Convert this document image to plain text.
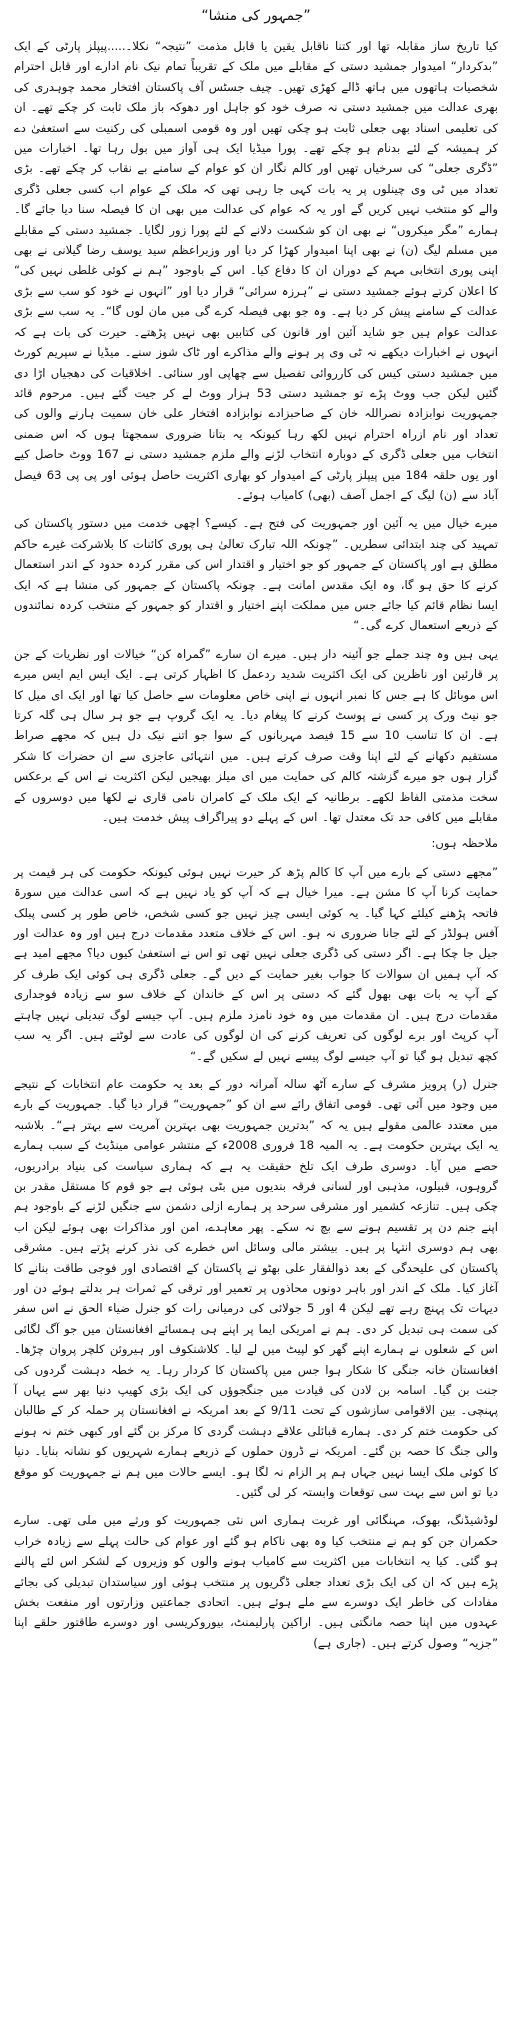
”جمہور کی منشا“

کیا تاریخ ساز مقابلہ تھا اور کتنا ناقابل یقین یا قابل مذمت ”نتیجہ“ نکلا۔.....پیپلز پارٹی کے ایک ”بدکردار“ امیدوار جمشید دستی کے مقابلے میں ملک کے تقریباً تمام نیک نام ادارے اور قابل احترام شخصیات ہاتھوں میں ہاتھ ڈالے کھڑی تھیں۔ چیف جسٹس آف پاکستان افتخار محمد چوہدری کی بھری عدالت میں جمشید دستی نہ صرف خود کو جاہل اور دھوکہ باز ملک ثابت کر چکے تھے۔ ان کی تعلیمی اسناد بھی جعلی ثابت ہو چکی تھیں اور وہ قومی اسمبلی کی رکنیت سے استعفیٰ دے کر ہمیشہ کے لئے بدنام ہو چکے تھے۔ پورا میڈیا ایک ہی آواز میں بول رہا تھا۔ اخبارات میں ”ڈگری جعلی“ کی سرخیاں تھیں اور کالم نگار ان کو عوام کے سامنے بے نقاب کر چکے تھے۔ بڑی تعداد میں ٹی وی چینلوں پر یہ بات کہی جا رہی تھی کہ ملک کے عوام اب کسی جعلی ڈگری والے کو منتخب نہیں کریں گے اور یہ کہ عوام کی عدالت میں بھی ان کا فیصلہ سنا دیا جائے گا۔ ہمارے ”مگر میکروں“ نے بھی ان کو شکست دلانے کے لئے پورا زور لگایا۔ جمشید دستی کے مقابلے میں مسلم لیگ (ن) نے بھی اپنا امیدوار کھڑا کر دیا اور وزیراعظم سید یوسف رضا گیلانی نے بھی اپنی پوری انتخابی مہم کے دوران ان کا دفاع کیا۔ اس کے باوجود ”ہم نے کوئی غلطی نہیں کی“ کا اعلان کرتے ہوئے جمشید دستی نے ”ہرزہ سرائی“ قرار دیا اور ”انہوں نے خود کو سب سے بڑی عدالت کے سامنے پیش کر دیا ہے۔ وہ جو بھی فیصلہ کرے گی میں مان لوں گا“۔ یہ سب سے بڑی عدالت عوام ہیں جو شاید آئین اور قانون کی کتابیں بھی نہیں پڑھتے۔ حیرت کی بات ہے کہ انہوں نے اخبارات دیکھے نہ ٹی وی پر ہونے والے مذاکرے اور ٹاک شوز سنے۔ میڈیا نے سپریم کورٹ میں جمشید دستی کیس کی کارروائی تفصیل سے چھاپی اور سنائی۔ اخلاقیات کی دھجیاں اڑا دی گئیں لیکن جب ووٹ پڑے تو جمشید دستی 53 ہزار ووٹ لے کر جیت گئے ہیں۔ مرحوم قائد جمہوریت نوابزادہ نصراللہ خان کے صاحبزادے نوابزادہ افتخار علی خان سمیت ہارنے والوں کی تعداد اور نام ازراہ احترام نہیں لکھ رہا کیونکہ یہ بتانا ضروری سمجھتا ہوں کہ اس ضمنی انتخاب میں جعلی ڈگری کے دوبارہ انتخاب لڑنے والے ملزم جمشید دستی نے 167 ووٹ حاصل کیے اور یوں حلقہ 184 میں پیپلز پارٹی کے امیدوار کو بھاری اکثریت حاصل ہوئی اور پی پی 63 فیصل آباد سے (ن) لیگ کے اجمل آصف (بھی) کامیاب ہوئے۔

میرے خیال میں یہ آئین اور جمہوریت کی فتح ہے۔ کیسے؟ اچھی خدمت میں دستور پاکستان کی تمہید کی چند ابتدائی سطریں۔ ”چونکہ اللہ تبارک تعالیٰ ہی پوری کائنات کا بلاشرکت غیرے حاکم مطلق ہے اور پاکستان کے جمہور کو جو اختیار و اقتدار اس کی مقرر کردہ حدود کے اندر استعمال کرنے کا حق ہو گا، وہ ایک مقدس امانت ہے۔ چونکہ پاکستان کے جمہور کی منشا ہے کہ ایک ایسا نظام قائم کیا جائے جس میں مملکت اپنے اختیار و اقتدار کو جمہور کے منتخب کردہ نمائندوں کے ذریعے استعمال کرے گی۔“

یہی ہیں وہ چند جملے جو آئینہ دار ہیں۔ میرے ان سارے ”گمراہ کن“ خیالات اور نظریات کے جن پر قارئین اور ناظرین کی ایک اکثریت شدید ردعمل کا اظہار کرتی ہے۔ ایک ایس ایم ایس میرے اس موبائل کا ہے جس کا نمبر انہوں نے اپنی خاص معلومات سے حاصل کیا تھا اور ایک ای میل کا جو نیٹ ورک پر کسی نے پوسٹ کرنے کا پیغام دیا۔ یہ ایک گروپ ہے جو ہر سال ہی گلہ کرتا ہے۔ ان کا تناسب 10 سے 15 فیصد مہربانوں کے سوا جو اتنے نیک دل ہیں کہ مجھے صراط مستقیم دکھانے کے لئے اپنا وقت صرف کرتے ہیں۔ میں انتہائی عاجزی سے ان حضرات کا شکر گزار ہوں جو میرے گزشتہ کالم کی حمایت میں ای میلز بھیجیں لیکن اکثریت نے اس کے برعکس سخت مذمتی الفاظ لکھے۔ برطانیہ کے ایک ملک کے کامران نامی قاری نے لکھا میں دوسروں کے مقابلے میں کافی حد تک معتدل تھا۔ اس کے پہلے دو پیراگراف پیش خدمت ہیں۔

ملاحظہ ہوں:

”مجھے دستی کے بارے میں آپ کا کالم پڑھ کر حیرت نہیں ہوئی کیونکہ حکومت کی ہر قیمت پر حمایت کرنا آپ کا مشن ہے۔ میرا خیال ہے کہ آپ کو یاد نہیں ہے کہ اسی عدالت میں سورۃ فاتحہ پڑھنے کیلئے کہا گیا۔ یہ کوئی ایسی چیز نہیں جو کسی شخص، خاص طور پر کسی پبلک آفس ہولڈر کے لئے جانا ضروری نہ ہو۔ اس کے خلاف متعدد مقدمات درج ہیں اور وہ عدالت اور جیل جا چکا ہے۔ اگر دستی کی ڈگری جعلی نہیں تھی تو اس نے استعفیٰ کیوں دیا؟ مجھے امید ہے کہ آپ ہمیں ان سوالات کا جواب بغیر حمایت کے دیں گے۔ جعلی ڈگری ہی کوئی ایک طرف کر کے آپ یہ بات بھی بھول گئے کہ دستی پر اس کے خاندان کے خلاف سو سے زیادہ فوجداری مقدمات درج ہیں۔ ان مقدمات میں وہ خود نامزد ملزم ہیں۔ آپ جیسے لوگ تبدیلی نہیں چاہتے آپ کرپٹ اور برے لوگوں کی تعریف کرنے کی ان لوگوں کی عادت سے لوٹتے ہیں۔ اگر یہ سب کچھ تبدیل ہو گیا تو آپ جیسے لوگ پیسے نہیں لے سکیں گے۔“

جنرل (ر) پرویز مشرف کے سارے آٹھ سالہ آمرانہ دور کے بعد یہ حکومت عام انتخابات کے نتیجے میں وجود میں آئی تھی۔ قومی اتفاق رائے سے ان کو ”جمہوریت“ قرار دیا گیا۔ جمہوریت کے بارے میں معتدد عالمی مقولے ہیں یہ کہ ”بدترین جمہوریت بھی بہترین آمریت سے بہتر ہے“۔ بلاشبہ یہ ایک بہترین حکومت ہے۔ یہ المیہ 18 فروری 2008ء کے منتشر عوامی مینڈیٹ کے سبب ہمارے حصے میں آیا۔ دوسری طرف ایک تلخ حقیقت یہ ہے کہ ہماری سیاست کی بنیاد برادریوں، گروہوں، قبیلوں، مذہبی اور لسانی فرقہ بندیوں میں بٹی ہوئی ہے جو قوم کا مستقل مقدر بن چکی ہیں۔ تنازعہ کشمیر اور مشرقی سرحد پر ہمارے ازلی دشمن سے جنگیں لڑنے کے باوجود ہم اپنے جنم دن پر تقسیم ہونے سے بچ نہ سکے۔ پھر معاہدے، امن اور مذاکرات بھی ہوئے لیکن اب بھی ہم دوسری انتہا پر ہیں۔ بیشتر مالی وسائل اس خطرے کی نذر کرنے پڑتے ہیں۔ مشرقی پاکستان کی علیحدگی کے بعد ذوالفقار علی بھٹو نے پاکستان کے اقتصادی اور فوجی طاقت بنانے کا آغاز کیا۔ ملک کے اندر اور باہر دونوں محاذوں پر تعمیر اور ترقی کے ثمرات ہر بدلتے ہوئے دن اور دیہات تک پہنچ رہے تھے لیکن 4 اور 5 جولائی کی درمیانی رات کو جنرل ضیاء الحق نے اس سفر کی سمت ہی تبدیل کر دی۔ ہم نے امریکی ایما پر اپنے ہی ہمسائے افغانستان میں جو آگ لگائی اس کے شعلوں نے ہمارے اپنے گھر کو لپیٹ میں لے لیا۔ کلاشنکوف اور ہیروئن کلچر پروان چڑھا۔ افغانستان خانہ جنگی کا شکار ہوا جس میں پاکستان کا کردار رہا۔ یہ خطہ دہشت گردوں کی جنت بن گیا۔ اسامہ بن لادن کی قیادت میں جنگجوؤں کی ایک بڑی کھیپ دنیا بھر سے یہاں آ پہنچی۔ بین الاقوامی سازشوں کے تحت 9/11 کے بعد امریکہ نے افغانستان پر حملہ کر کے طالبان کی حکومت ختم کر دی۔ ہمارے قبائلی علاقے دہشت گردی کا مرکز بن گئے اور کبھی ختم نہ ہونے والی جنگ کا حصہ بن گئے۔ امریکہ نے ڈرون حملوں کے ذریعے ہمارے شہریوں کو نشانہ بنایا۔ دنیا کا کوئی ملک ایسا نہیں جہاں ہم پر الزام نہ لگا ہو۔ ایسے حالات میں ہم نے جمہوریت کو موقع دیا تو اس سے بہت سی توقعات وابستہ کر لی گئیں۔

لوڈشیڈنگ، بھوک، مہنگائی اور غربت ہماری اس نئی جمہوریت کو ورثے میں ملی تھی۔ سارے حکمران جن کو ہم نے منتخب کیا وہ بھی ناکام ہو گئے اور عوام کی حالت پہلے سے زیادہ خراب ہو گئی۔ کیا یہ انتخابات میں اکثریت سے کامیاب ہونے والوں کو وزیروں کے لشکر اس لئے پالنے پڑے ہیں کہ ان کی ایک بڑی تعداد جعلی ڈگریوں پر منتخب ہوئی اور سیاستدان تبدیلی کی بجائے مفادات کی خاطر ایک دوسرے سے ملے ہوئے ہیں۔ اتحادی جماعتیں وزارتوں اور منفعت بخش عہدوں میں اپنا حصہ مانگتی ہیں۔ اراکین پارلیمنٹ، بیوروکریسی اور دوسرے طاقتور حلقے اپنا ”جزیہ“ وصول کرتے ہیں۔ (جاری ہے)
